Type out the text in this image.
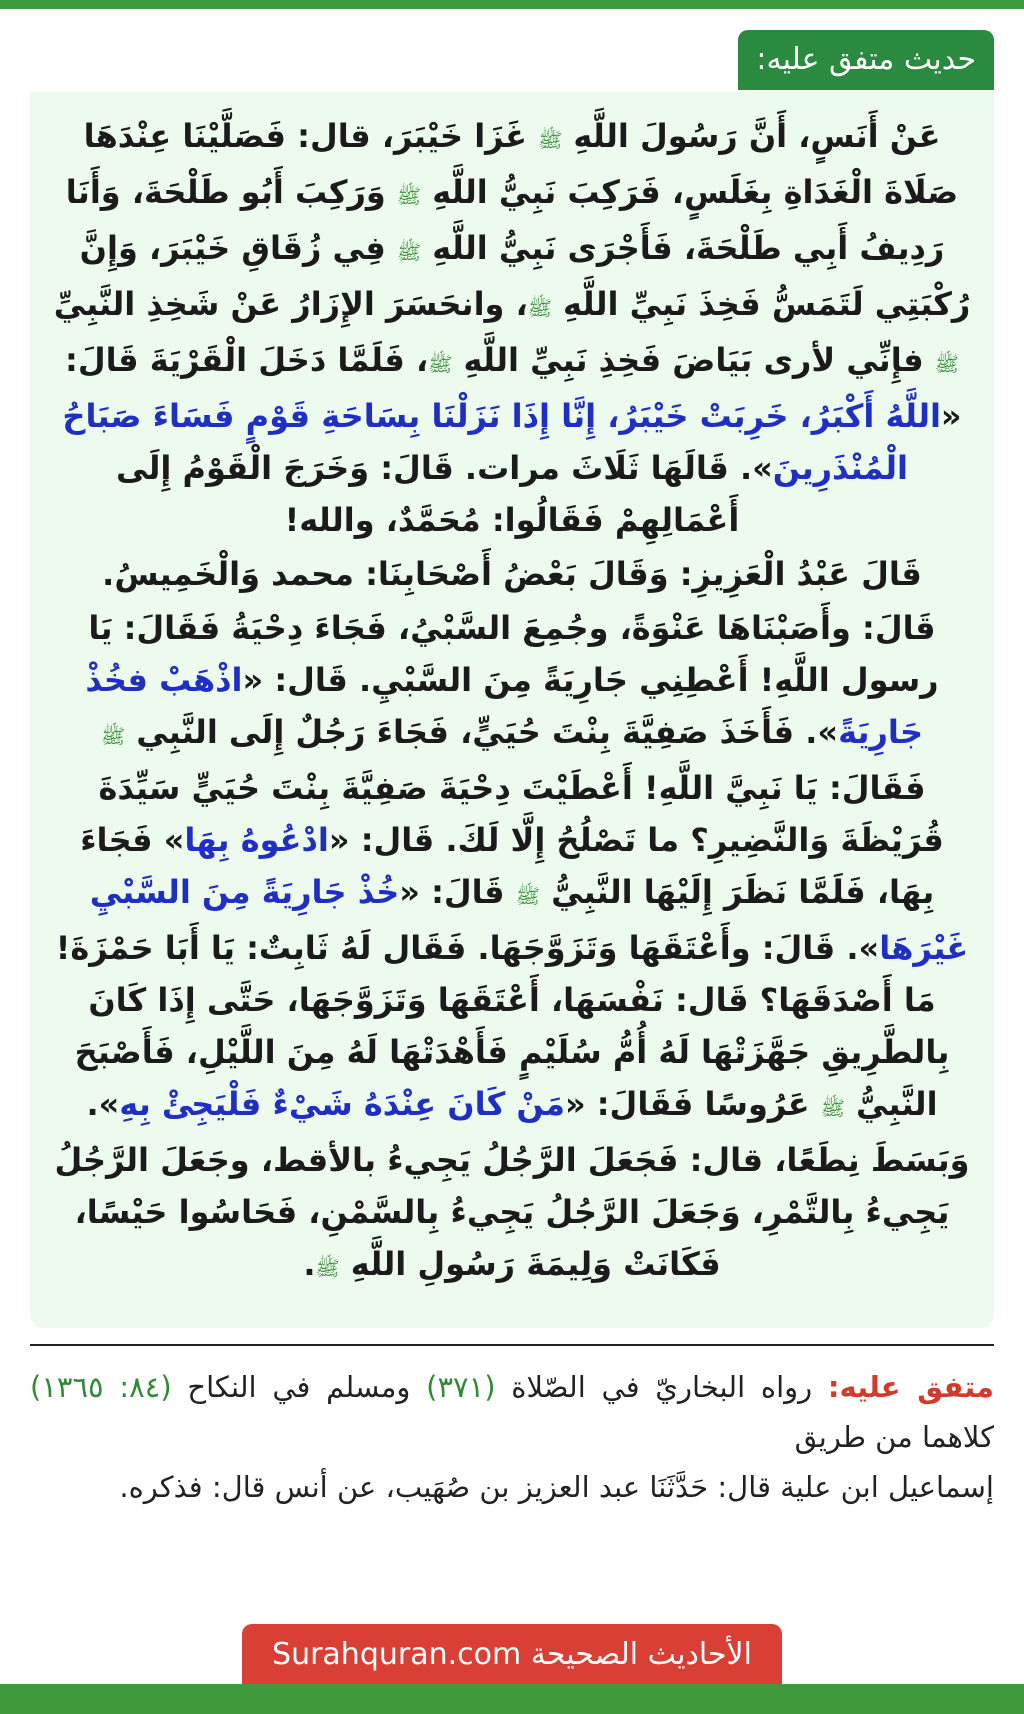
حديث متفق عليه:

عَنْ أَنَسٍ، أَنَّ رَسُولَ اللَّهِ ﷺ غَزَا خَيْبَرَ، قال: فَصَلَّيْنَا عِنْدَهَا صَلَاةَ الْغَدَاةِ بِغَلَسٍ، فَرَكِبَ نَبِيُّ اللَّهِ ﷺ وَرَكِبَ أَبُو طَلْحَةَ، وَأَنَا رَدِيفُ أَبِي طَلْحَةَ، فَأَجْرَى نَبِيُّ اللَّهِ ﷺ فِي زُقَاقِ خَيْبَرَ، وَإِنَّ رُكْبَتِي لَتَمَسُّ فَخِذَ نَبِيِّ اللَّهِ ﷺ، وانحَسَرَ الإِزَارُ عَنْ شَخِذِ النَّبِيِّ ﷺ فإِنِّي لأرى بَيَاضَ فَخِذِ نَبِيِّ اللَّهِ ﷺ، فَلَمَّا دَخَلَ الْقَرْيَةَ قَالَ: «اللَّهُ أَكْبَرُ، خَرِبَتْ خَيْبَرُ، إِنَّا إِذَا نَزَلْنَا بِسَاحَةِ قَوْمٍ فَسَاءَ صَبَاحُ الْمُنْذَرِينَ». قَالَهَا ثَلَاثَ مرات. قَالَ: وَخَرَجَ الْقَوْمُ إِلَى أَعْمَالِهِمْ فَقَالُوا: مُحَمَّدٌ، والله!

قَالَ عَبْدُ الْعَزِيزِ: وَقَالَ بَعْضُ أَصْحَابِنَا: محمد وَالْخَمِيسُ.

قَالَ: وأَصَبْنَاهَا عَنْوَةً، وجُمِعَ السَّبْيُ، فَجَاءَ دِحْيَةُ فَقَالَ: يَا رسول اللَّهِ! أَعْطِنِي جَارِيَةً مِنَ السَّبْيِ. قَال: «اذْهَبْ فخُذْ جَارِيَةً». فَأَخَذَ صَفِيَّةَ بِنْتَ حُيَيٍّ، فَجَاءَ رَجُلٌ إِلَى النَّبِي ﷺ فَقَالَ: يَا نَبِيَّ اللَّهِ! أَعْطَيْتَ دِحْيَةَ صَفِيَّةَ بِنْتَ حُيَيٍّ سَيِّدَةَ قُرَيْظَةَ وَالنَّضِيرِ؟ ما تَصْلُحُ إِلَّا لَكَ. قَال: «ادْعُوهُ بِهَا» فَجَاءَ بِهَا، فَلَمَّا نَظَرَ إِلَيْهَا النَّبِيُّ ﷺ قَالَ: «خُذْ جَارِيَةً مِنَ السَّبْيِ غَيْرَهَا». قَالَ: وأَعْتَقَهَا وَتَزَوَّجَهَا. فَقَال لَهُ ثَابِتٌ: يَا أَبَا حَمْزَةَ! مَا أَصْدَقَهَا؟ قَال: نَفْسَهَا، أَعْتَقَهَا وَتَزَوَّجَهَا، حَتَّى إِذَا كَانَ بِالطَّرِيقِ جَهَّزَتْهَا لَهُ أُمُّ سُلَيْمٍ فَأَهْدَتْهَا لَهُ مِنَ اللَّيْلِ، فَأَصْبَحَ النَّبِيُّ ﷺ عَرُوسًا فَقَالَ: «مَنْ كَانَ عِنْدَهُ شَيْءٌ فَلْيَجِئْ بِهِ». وَبَسَطَ نِطَعًا، قال: فَجَعَلَ الرَّجُلُ يَجِيءُ بالأقط، وجَعَلَ الرَّجُلُ يَجِيءُ بِالتَّمْرِ، وَجَعَلَ الرَّجُلُ يَجِيءُ بِالسَّمْنِ، فَحَاسُوا حَيْسًا، فَكَانَتْ وَلِيمَةَ رَسُولِ اللَّهِ ﷺ.

متفق عليه: رواه البخاريّ في الصّلاة (٣٧١) ومسلم في النكاح (٨٤: ١٣٦٥) كلاهما من طريق

إسماعيل ابن علية قال: حَدَّثَنَا عبد العزيز بن صُهَيب، عن أنس قال: فذكره.

الأحاديث الصحيحة Surahquran.com
